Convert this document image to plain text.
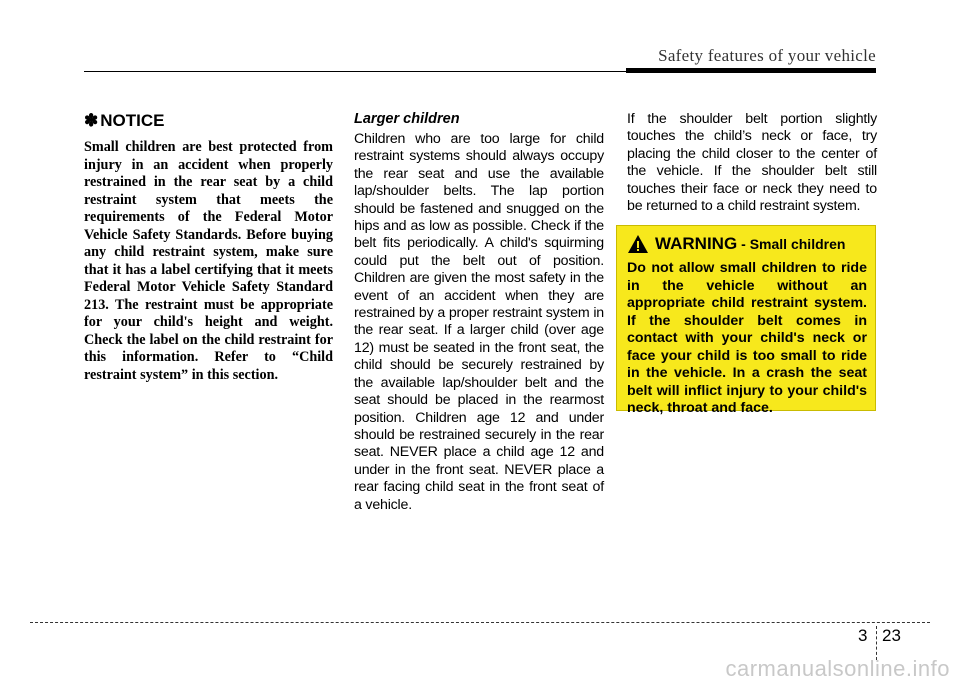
Safety features of your vehicle
✽ NOTICE

Small children are best protected from injury in an accident when properly restrained in the rear seat by a child restraint system that meets the requirements of the Federal Motor Vehicle Safety Standards. Before buying any child restraint system, make sure that it has a label certifying that it meets Federal Motor Vehicle Safety Standard 213. The restraint must be appropriate for your child's height and weight. Check the label on the child restraint for this information. Refer to “Child restraint system” in this section.

Larger children

Children who are too large for child restraint systems should always occupy the rear seat and use the available lap/shoulder belts. The lap portion should be fastened and snugged on the hips and as low as possible. Check if the belt fits periodically. A child's squirming could put the belt out of position. Children are given the most safety in the event of an accident when they are restrained by a proper restraint system in the rear seat. If a larger child (over age 12) must be seated in the front seat, the child should be securely restrained by the available lap/shoulder belt and the seat should be placed in the rearmost position. Children age 12 and under should be restrained securely in the rear seat. NEVER place a child age 12 and under in the front seat. NEVER place a rear facing child seat in the front seat of a vehicle.

If the shoulder belt portion slightly touches the child’s neck or face, try placing the child closer to the center of the vehicle. If the shoulder belt still touches their face or neck they need to be returned to a child restraint system.

WARNING - Small children

Do not allow small children to ride in the vehicle without an appropriate child restraint system. If the shoulder belt comes in contact with your child's neck or face your child is too small to ride in the vehicle. In a crash the seat belt will inflict injury to your child's neck, throat and face.

3 23
carmanualsonline.info
